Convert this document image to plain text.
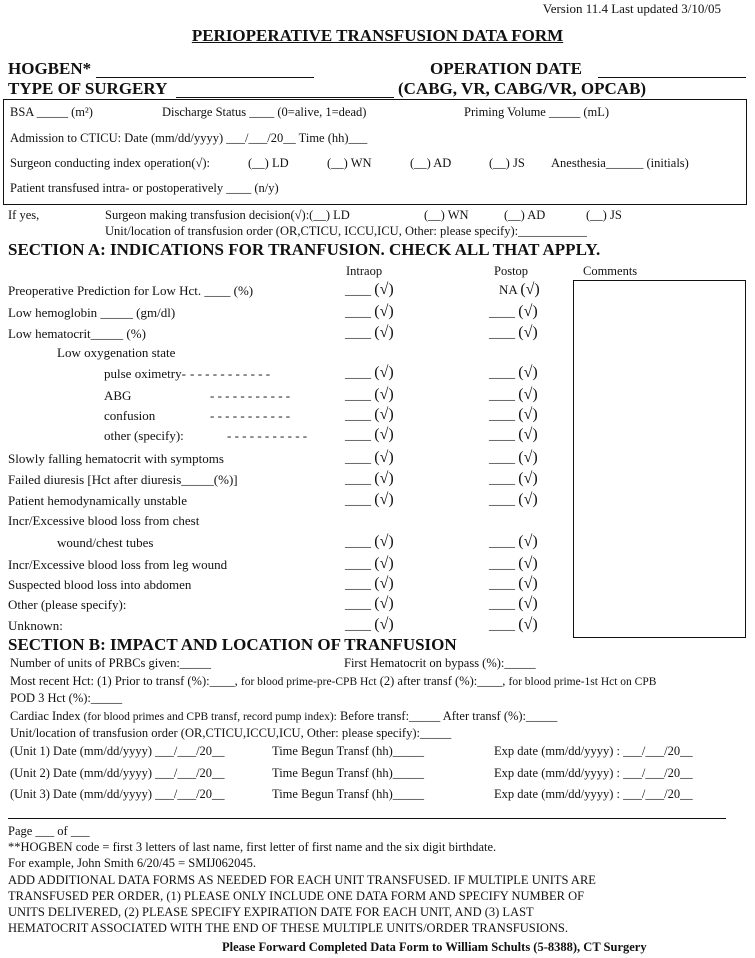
Version 11.4 Last updated 3/10/05
PERIOPERATIVE TRANSFUSION DATA FORM
HOGBEN*	OPERATION DATE
TYPE OF SURGERY	(CABG, VR, CABG/VR, OPCAB)
BSA _____ (m²)	Discharge Status ____ (0=alive, 1=dead)	Priming Volume _____ (mL)
Admission to CTICU: Date (mm/dd/yyyy) ___/___/20__ Time (hh)___
Surgeon conducting index operation(√):	(__) LD	(__) WN	(__) AD	(__) JS Anesthesia______ (initials)
Patient transfused intra- or postoperatively ____ (n/y)
If yes,	Surgeon making transfusion decision(√):(__) LD	(__) WN	(__) AD	(__) JS
Unit/location of transfusion order (OR,CTICU, ICCU,ICU, Other: please specify):___________
SECTION A: INDICATIONS FOR TRANFUSION. CHECK ALL THAT APPLY.
Intraop	Postop	Comments
Preoperative Prediction for Low Hct. ____ (%)	____ (√)	NA (√)
Low hemoglobin _____ (gm/dl)	____ (√)	____ (√)
Low hematocrit_____ (%)	____ (√)	____ (√)
Low oxygenation state
pulse oximetry- - - - - - - - - - - -	____ (√)	____ (√)
ABG	- - - - - - - - - - -	____ (√)	____ (√)
confusion	- - - - - - - - - - -	____ (√)	____ (√)
other (specify):	- - - - - - - - - - -	____ (√)	____ (√)
Slowly falling hematocrit with symptoms	____ (√)	____ (√)
Failed diuresis [Hct after diuresis_____(%)]	____ (√)	____ (√)
Patient hemodynamically unstable	____ (√)	____ (√)
Incr/Excessive blood loss from chest
wound/chest tubes	____ (√)	____ (√)
Incr/Excessive blood loss from leg wound	____ (√)	____ (√)
Suspected blood loss into abdomen	____ (√)	____ (√)
Other (please specify):	____ (√)	____ (√)
Unknown:	____ (√)	____ (√)
SECTION B: IMPACT AND LOCATION OF TRANFUSION
Number of units of PRBCs given:_____	First Hematocrit on bypass (%):_____
Most recent Hct: (1) Prior to transf (%):____, for blood prime-pre-CPB Hct (2) after transf (%):____, for blood prime-1st Hct on CPB
POD 3 Hct (%):_____
Cardiac Index (for blood primes and CPB transf, record pump index): Before transf:_____ After transf (%):_____
Unit/location of transfusion order (OR,CTICU,ICCU,ICU, Other: please specify):_____
(Unit 1) Date (mm/dd/yyyy) ___/___/20__	Time Begun Transf (hh)_____	Exp date (mm/dd/yyyy) : ___/___/20__
(Unit 2) Date (mm/dd/yyyy) ___/___/20__	Time Begun Transf (hh)_____	Exp date (mm/dd/yyyy) : ___/___/20__
(Unit 3) Date (mm/dd/yyyy) ___/___/20__	Time Begun Transf (hh)_____	Exp date (mm/dd/yyyy) : ___/___/20__
Page ___ of ___
**HOGBEN code = first 3 letters of last name, first letter of first name and the six digit birthdate.
For example, John Smith 6/20/45 = SMIJ062045.
ADD ADDITIONAL DATA FORMS AS NEEDED FOR EACH UNIT TRANSFUSED. IF MULTIPLE UNITS ARE
TRANSFUSED PER ORDER, (1) PLEASE ONLY INCLUDE ONE DATA FORM AND SPECIFY NUMBER OF
UNITS DELIVERED, (2) PLEASE SPECIFY EXPIRATION DATE FOR EACH UNIT, AND (3) LAST
HEMATOCRIT ASSOCIATED WITH THE END OF THESE MULTIPLE UNITS/ORDER TRANSFUSIONS.
Please Forward Completed Data Form to William Schults (5-8388), CT Surgery
